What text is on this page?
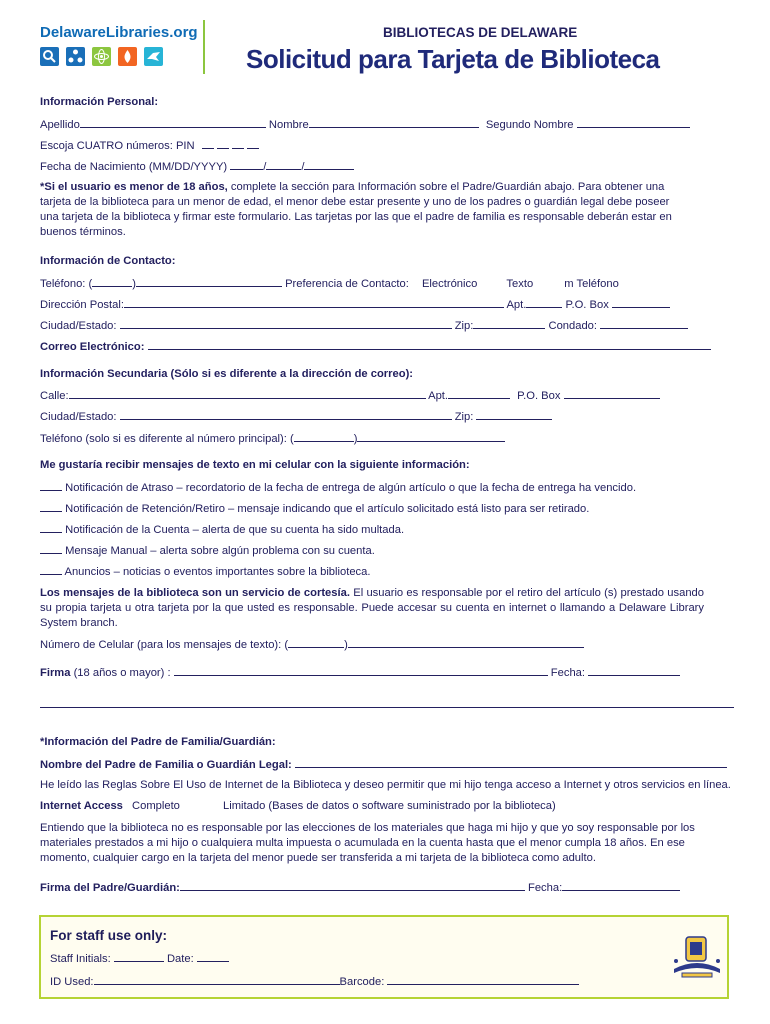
DelawareLibraries.org	BIBLIOTECAS DE DELAWARE
Solicitud para Tarjeta de Biblioteca
Información Personal:
Apellido	Nombre	Segundo Nombre
Escoja CUATRO números: PIN
Fecha de Nacimiento (MM/DD/YYYY)	/	/
*Si el usuario es menor de 18 años, complete la sección para Información sobre el Padre/Guardián abajo. Para obtener una tarjeta de la biblioteca para un menor de edad, el menor debe estar presente y uno de los padres o guardián legal debe poseer una tarjeta de la biblioteca y firmar este formulario. Las tarjetas por las que el padre de familia es responsable deberán estar en buenos términos.
Información de Contacto:
Teléfono: (	)	Preferencia de Contacto: Electrónico	Texto	m Teléfono
Dirección Postal:	Apt.	P.O. Box
Ciudad/Estado:	Zip:	Condado:
Correo Electrónico:
Información Secundaria (Sólo si es diferente a la dirección de correo):
Calle:	Apt.	P.O. Box
Ciudad/Estado:	Zip:
Teléfono (solo si es diferente al número principal): (	)
Me gustaría recibir mensajes de texto en mi celular con la siguiente información:
Notificación de Atraso – recordatorio de la fecha de entrega de algún artículo o que la fecha de entrega ha vencido.
Notificación de Retención/Retiro – mensaje indicando que el artículo solicitado está listo para ser retirado.
Notificación de la Cuenta – alerta de que su cuenta ha sido multada.
Mensaje Manual – alerta sobre algún problema con su cuenta.
Anuncios – noticias o eventos importantes sobre la biblioteca.
Los mensajes de la biblioteca son un servicio de cortesía. El usuario es responsable por el retiro del artículo (s) prestado usando su propia tarjeta u otra tarjeta por la que usted es responsable. Puede accesar su cuenta en internet o llamando a Delaware Library System branch.
Número de Celular (para los mensajes de texto): (	)
Firma (18 años o mayor) :	Fecha:
*Información del Padre de Familia/Guardián:
Nombre del Padre de Familia o Guardián Legal:
He leído las Reglas Sobre El Uso de Internet de la Biblioteca y deseo permitir que mi hijo tenga acceso a Internet y otros servicios en línea.
Internet Access Completo	Limitado (Bases de datos o software suministrado por la biblioteca)
Entiendo que la biblioteca no es responsable por las elecciones de los materiales que haga mi hijo y que yo soy responsable por los materiales prestados a mi hijo o cualquiera multa impuesta o acumulada en la cuenta hasta que el menor cumpla 18 años. En ese momento, cualquier cargo en la tarjeta del menor puede ser transferida a mi tarjeta de la biblioteca como adulto.
Firma del Padre/Guardián:	Fecha:
For staff use only:
Staff Initials:	Date:
ID Used:	Barcode:
